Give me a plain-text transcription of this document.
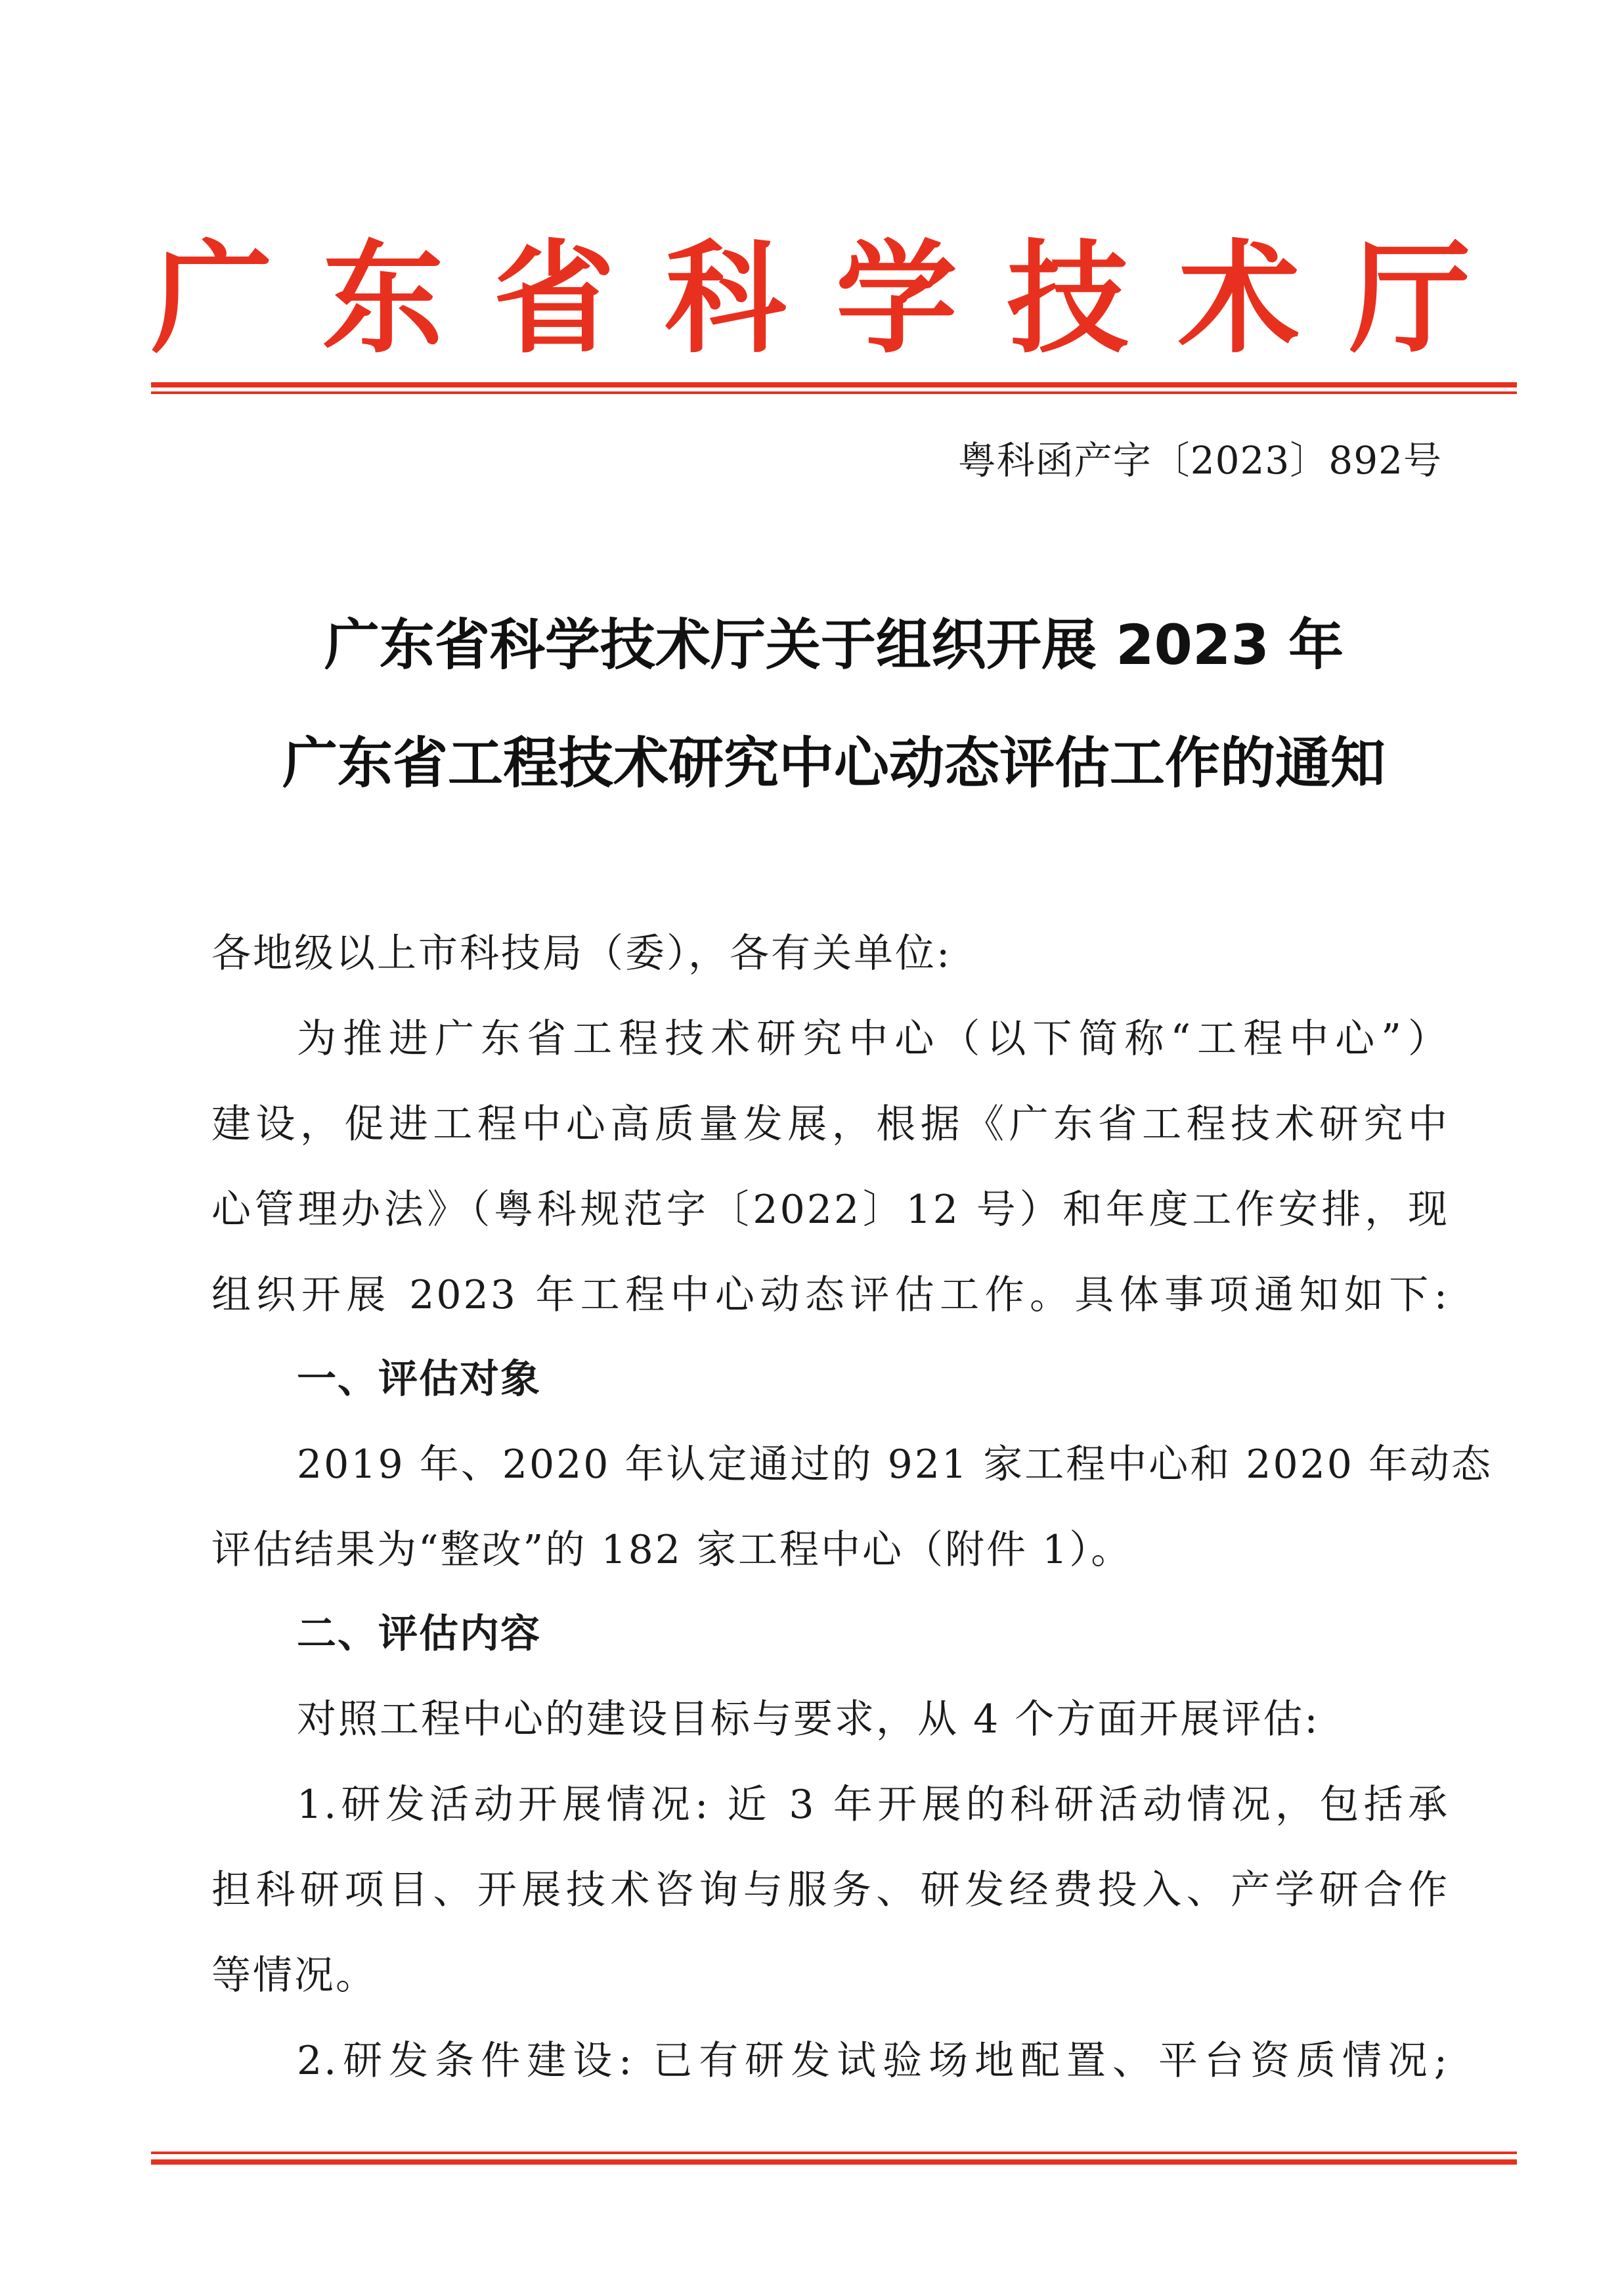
广 东 省 科 学 技 术 厅
粤科函产字〔2023〕892号
广东省科学技术厅关于组织开展 2023 年
广东省工程技术研究中心动态评估工作的通知
各地级以上市科技局（委），各有关单位:
为推进广东省工程技术研究中心（以下简称“工程中心”）
建设，促进工程中心高质量发展，根据《广东省工程技术研究中
心管理办法》（粤科规范字〔2022〕12 号）和年度工作安排，现
组织开展 2023 年工程中心动态评估工作。具体事项通知如下:
一、评估对象
2019 年、2020 年认定通过的 921 家工程中心和 2020 年动态
评估结果为“整改”的 182 家工程中心（附件 1）。
二、评估内容
对照工程中心的建设目标与要求，从 4 个方面开展评估:
1.研发活动开展情况: 近 3 年开展的科研活动情况，包括承
担科研项目、开展技术咨询与服务、研发经费投入、产学研合作
等情况。
2.研发条件建设: 已有研发试验场地配置、平台资质情况;
